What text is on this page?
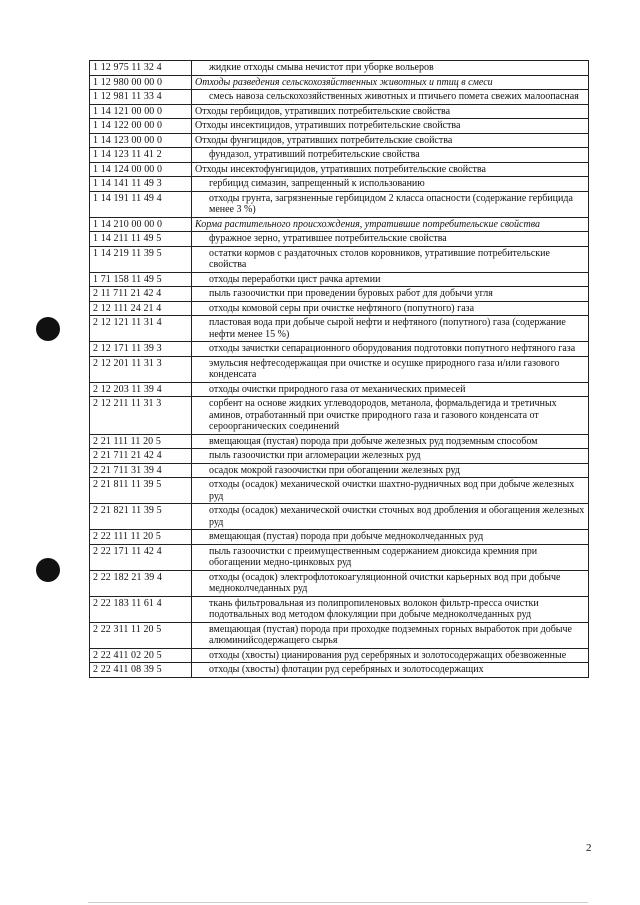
1 12 975 11 32 4	жидкие отходы смыва нечистот при уборке вольеров
1 12 980 00 00 0	Отходы разведения сельскохозяйственных животных и птиц в смеси
1 12 981 11 33 4	смесь навоза сельскохозяйственных животных и птичьего помета свежих малоопасная
1 14 121 00 00 0	Отходы гербицидов, утративших потребительские свойства
1 14 122 00 00 0	Отходы инсектицидов, утративших потребительские свойства
1 14 123 00 00 0	Отходы фунгицидов, утративших потребительские свойства
1 14 123 11 41 2	фундазол, утративший потребительские свойства
1 14 124 00 00 0	Отходы инсектофунгицидов, утративших потребительские свойства
1 14 141 11 49 3	гербицид симазин, запрещенный к использованию
1 14 191 11 49 4	отходы грунта, загрязненные гербицидом 2 класса опасности (содержание гербицида менее 3 %)
1 14 210 00 00 0	Корма растительного происхождения, утратившие потребительские свойства
1 14 211 11 49 5	фуражное зерно, утратившее потребительские свойства
1 14 219 11 39 5	остатки кормов с раздаточных столов коровников, утратившие потребительские свойства
1 71 158 11 49 5	отходы переработки цист рачка артемии
2 11 711 21 42 4	пыль газоочистки при проведении буровых работ для добычи угля
2 12 111 24 21 4	отходы комовой серы при очистке нефтяного (попутного) газа
2 12 121 11 31 4	пластовая вода при добыче сырой нефти и нефтяного (попутного) газа (содержание нефти менее 15 %)
2 12 171 11 39 3	отходы зачистки сепарационного оборудования подготовки попутного нефтяного газа
2 12 201 11 31 3	эмульсия нефтесодержащая при очистке и осушке природного газа и/или газового конденсата
2 12 203 11 39 4	отходы очистки природного газа от механических примесей
2 12 211 11 31 3	сорбент на основе жидких углеводородов, метанола, формальдегида и третичных аминов, отработанный при очистке природного газа и газового конденсата от сероорганических соединений
2 21 111 11 20 5	вмещающая (пустая) порода при добыче железных руд подземным способом
2 21 711 21 42 4	пыль газоочистки при агломерации железных руд
2 21 711 31 39 4	осадок мокрой газоочистки при обогащении железных руд
2 21 811 11 39 5	отходы (осадок) механической очистки шахтно-рудничных вод при добыче железных руд
2 21 821 11 39 5	отходы (осадок) механической очистки сточных вод дробления и обогащения железных руд
2 22 111 11 20 5	вмещающая (пустая) порода при добыче медноколчеданных руд
2 22 171 11 42 4	пыль газоочистки с преимущественным содержанием диоксида кремния при обогащении медно-цинковых руд
2 22 182 21 39 4	отходы (осадок) электрофлотокоагуляционной очистки карьерных вод при добыче медноколчеданных руд
2 22 183 11 61 4	ткань фильтровальная из полипропиленовых волокон фильтр-пресса очистки подотвальных вод методом флокуляции при добыче медноколчеданных руд
2 22 311 11 20 5	вмещающая (пустая) порода при проходке подземных горных выработок при добыче алюминийсодержащего сырья
2 22 411 02 20 5	отходы (хвосты) цианирования руд серебряных и золотосодержащих обезвоженные
2 22 411 08 39 5	отходы (хвосты) флотации руд серебряных и золотосодержащих
2
